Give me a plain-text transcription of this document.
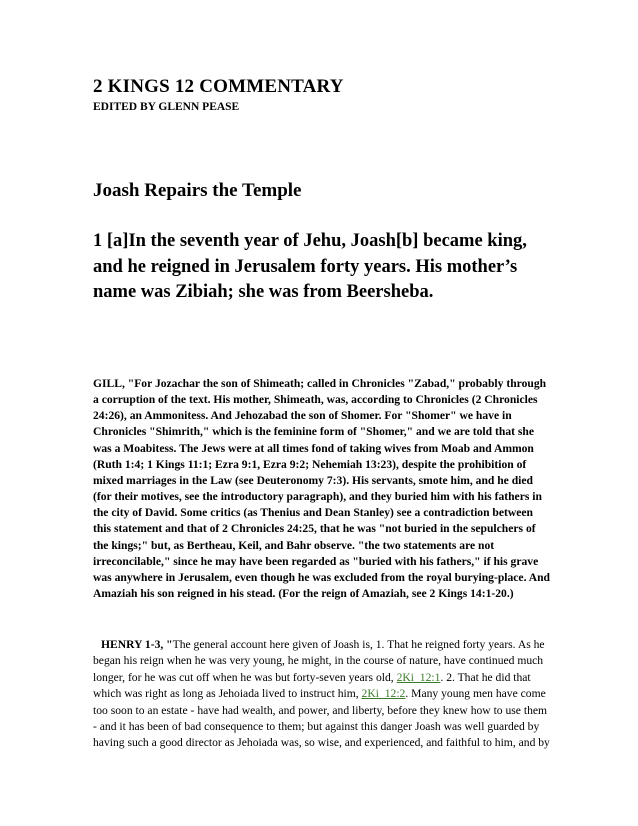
2 KINGS 12 COMMENTARY
EDITED BY GLENN PEASE
Joash Repairs the Temple

1 [a]In the seventh year of Jehu, Joash[b] became king, and he reigned in Jerusalem forty years. His mother’s name was Zibiah; she was from Beersheba.

GILL, "For Jozachar the son of Shimeath; called in Chronicles "Zabad," probably through a corruption of the text. His mother, Shimeath, was, according to Chronicles (2 Chronicles 24:26), an Ammonitess. And Jehozabad the son of Shomer. For "Shomer" we have in Chronicles "Shimrith," which is the feminine form of "Shomer," and we are told that she was a Moabitess. The Jews were at all times fond of taking wives from Moab and Ammon (Ruth 1:4; 1 Kings 11:1; Ezra 9:1, Ezra 9:2; Nehemiah 13:23), despite the prohibition of mixed marriages in the Law (see Deuteronomy 7:3). His servants, smote him, and he died (for their motives, see the introductory paragraph), and they buried him with his fathers in the city of David. Some critics (as Thenius and Dean Stanley) see a contradiction between this statement and that of 2 Chronicles 24:25, that he was "not buried in the sepulchers of the kings;" but, as Bertheau, Keil, and Bahr observe. "the two statements are not irreconcilable," since he may have been regarded as "buried with his fathers," if his grave was anywhere in Jerusalem, even though he was excluded from the royal burying-place. And Amaziah his son reigned in his stead. (For the reign of Amaziah, see 2 Kings 14:1-20.)

HENRY 1-3, "The general account here given of Joash is, 1. That he reigned forty years. As he began his reign when he was very young, he might, in the course of nature, have continued much longer, for he was cut off when he was but forty-seven years old, 2Ki_12:1. 2. That he did that which was right as long as Jehoiada lived to instruct him, 2Ki_12:2. Many young men have come too soon to an estate - have had wealth, and power, and liberty, before they knew how to use them - and it has been of bad consequence to them; but against this danger Joash was well guarded by having such a good director as Jehoiada was, so wise, and experienced, and faithful to him, and by
